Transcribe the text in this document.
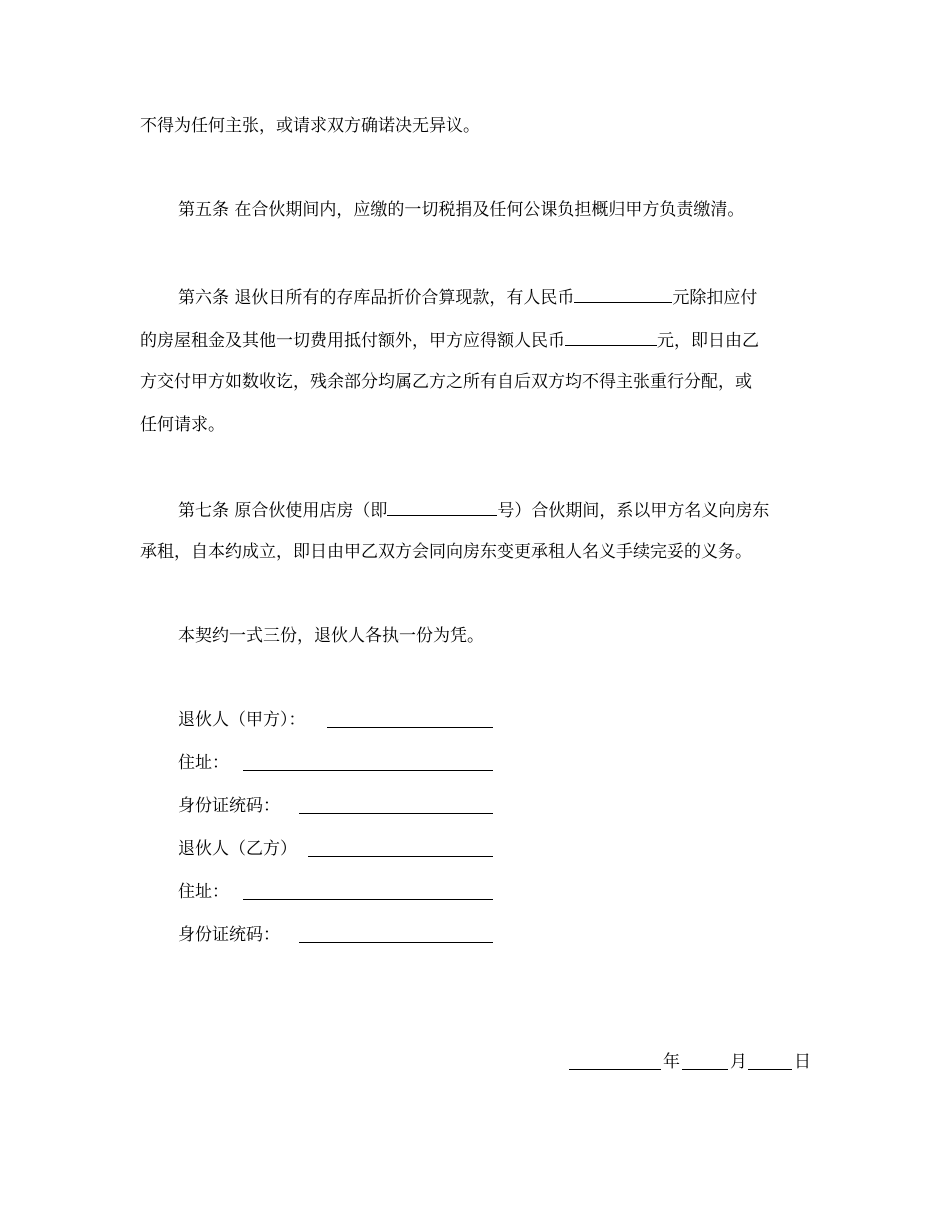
不得为任何主张，或请求双方确诺决无异议。
第五条 在合伙期间内，应缴的一切税捐及任何公课负担概归甲方负责缴清。
第六条 退伙日所有的存库品折价合算现款，有人民币	元除扣应付
的房屋租金及其他一切费用抵付额外，甲方应得额人民币	元，即日由乙
方交付甲方如数收讫，残余部分均属乙方之所有自后双方均不得主张重行分配，或
任何请求。
第七条 原合伙使用店房（即	号）合伙期间，系以甲方名义向房东
承租，自本约成立，即日由甲乙双方会同向房东变更承租人名义手续完妥的义务。
本契约一式三份，退伙人各执一份为凭。
退伙人（甲方）：
住址：
身份证统码：
退伙人（乙方）
住址：
身份证统码：
年	月	日
